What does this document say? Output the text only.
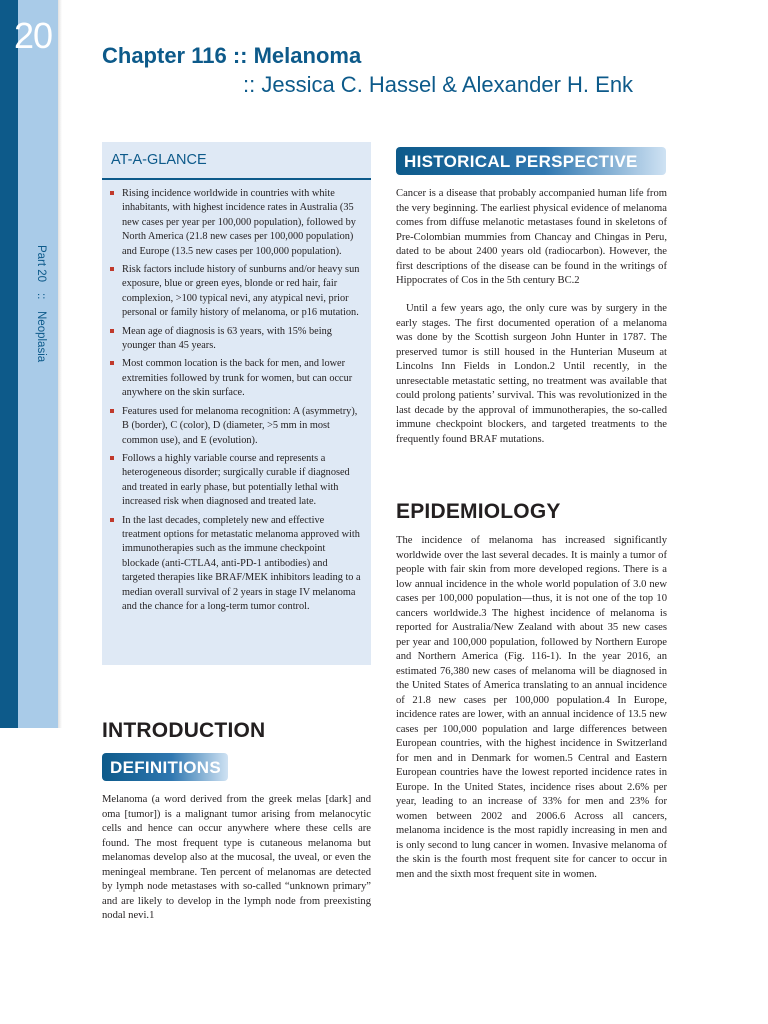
20
Part 20 :: Neoplasia
Chapter 116 :: Melanoma
:: Jessica C. Hassel & Alexander H. Enk
AT-A-GLANCE
Rising incidence worldwide in countries with white inhabitants, with highest incidence rates in Australia (35 new cases per year per 100,000 population), followed by North America (21.8 new cases per 100,000 population) and Europe (13.5 new cases per 100,000 population).
Risk factors include history of sunburns and/or heavy sun exposure, blue or green eyes, blonde or red hair, fair complexion, >100 typical nevi, any atypical nevi, prior personal or family history of melanoma, or p16 mutation.
Mean age of diagnosis is 63 years, with 15% being younger than 45 years.
Most common location is the back for men, and lower extremities followed by trunk for women, but can occur anywhere on the skin surface.
Features used for melanoma recognition: A (asymmetry), B (border), C (color), D (diameter, >5 mm in most common use), and E (evolution).
Follows a highly variable course and represents a heterogeneous disorder; surgically curable if diagnosed and treated in early phase, but potentially lethal with increased risk when diagnosed and treated late.
In the last decades, completely new and effective treatment options for metastatic melanoma approved with immunotherapies such as the immune checkpoint blockade (anti-CTLA4, anti-PD-1 antibodies) and targeted therapies like BRAF/MEK inhibitors leading to a median overall survival of 2 years in stage IV melanoma and the chance for a long-term tumor control.
INTRODUCTION
DEFINITIONS

Melanoma (a word derived from the greek melas [dark] and oma [tumor]) is a malignant tumor arising from melanocytic cells and hence can occur anywhere where these cells are found. The most frequent type is cutaneous melanoma but melanomas develop also at the mucosal, the uveal, or even the meningeal membrane. Ten percent of melanomas are detected by lymph node metastases with so-called “unknown primary” and are likely to develop in the lymph node from preexisting nodal nevi.1

HISTORICAL PERSPECTIVE

Cancer is a disease that probably accompanied human life from the very beginning. The earliest physical evidence of melanoma comes from diffuse melanotic metastases found in skeletons of Pre-Colombian mummies from Chancay and Chingas in Peru, dated to be about 2400 years old (radiocarbon). However, the first descriptions of the disease can be found in the writings of Hippocrates of Cos in the 5th century BC.2

Until a few years ago, the only cure was by surgery in the early stages. The first documented operation of a melanoma was done by the Scottish surgeon John Hunter in 1787. The preserved tumor is still housed in the Hunterian Museum at Lincolns Inn Fields in London.2 Until recently, in the unresectable metastatic setting, no treatment was available that could prolong patients’ survival. This was revolutionized in the last decade by the approval of immunotherapies, the so-called immune checkpoint blockers, and targeted treatments to the frequently found BRAF mutations.

EPIDEMIOLOGY

The incidence of melanoma has increased significantly worldwide over the last several decades. It is mainly a tumor of people with fair skin from more developed regions. There is a low annual incidence in the whole world population of 3.0 new cases per 100,000 population—thus, it is not one of the top 10 cancers worldwide.3 The highest incidence of melanoma is reported for Australia/New Zealand with about 35 new cases per year and 100,000 population, followed by Northern Europe and Northern America (Fig. 116-1). In the year 2016, an estimated 76,380 new cases of melanoma will be diagnosed in the United States of America translating to an annual incidence of 21.8 new cases per 100,000 population.4 In Europe, incidence rates are lower, with an annual incidence of 13.5 new cases per 100,000 population and large differences between European countries, with the highest incidence in Switzerland for men and in Denmark for women.5 Central and Eastern European countries have the lowest reported incidence rates in Europe. In the United States, incidence rises about 2.6% per year, leading to an increase of 33% for men and 23% for women between 2002 and 2006.6 Across all cancers, melanoma incidence is the most rapidly increasing in men and is only second to lung cancer in women. Invasive melanoma of the skin is the fourth most frequent site for cancer to occur in men and the sixth most frequent site in women.
